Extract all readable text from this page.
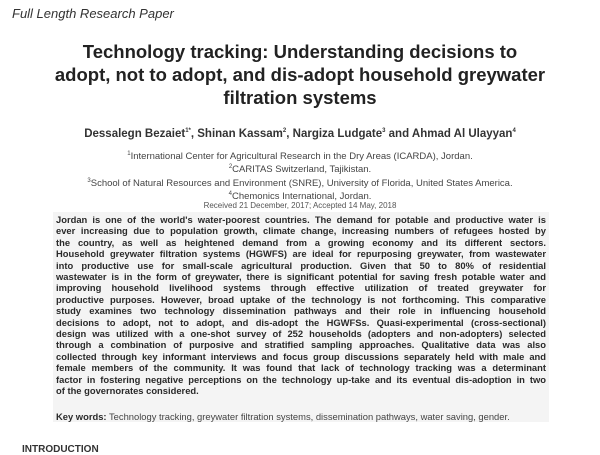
Full Length Research Paper
Technology tracking: Understanding decisions to
adopt, not to adopt, and dis-adopt household greywater
filtration systems
Dessalegn Bezaiet$^{1*}$, Shinan Kassam$^2$, Nargiza Ludgate$^3$ and Ahmad Al Ulayyan$^4$
$^1$International Center for Agricultural Research in the Dry Areas (ICARDA), Jordan.
$^2$CARITAS Switzerland, Tajikistan.
$^3$School of Natural Resources and Environment (SNRE), University of Florida, United States America.
$^4$Chemonics International, Jordan.
Received 21 December, 2017; Accepted 14 May, 2018
Jordan is one of the world's water-poorest countries. The demand for potable and productive water is
ever increasing due to population growth, climate change, increasing numbers of refugees hosted by
the country, as well as heightened demand from a growing economy and its different sectors.
Household greywater filtration systems (HGWFS) are ideal for repurposing greywater, from wastewater
into productive use for small-scale agricultural production. Given that 50 to 80% of residential
wastewater is in the form of greywater, there is significant potential for saving fresh potable water and
improving household livelihood systems through effective utilization of treated greywater for
productive purposes. However, broad uptake of the technology is not forthcoming. This comparative
study examines two technology dissemination pathways and their role in influencing household
decisions to adopt, not to adopt, and dis-adopt the HGWFSs. Quasi-experimental (cross-sectional)
design was utilized with a one-shot survey of 252 households (adopters and non-adopters) selected
through a combination of purposive and stratified sampling approaches. Qualitative data was also
collected through key informant interviews and focus group discussions separately held with male and
female members of the community. It was found that lack of technology tracking was a determinant
factor in fostering negative perceptions on the technology up-take and its eventual dis-adoption in two
of the governorates considered.
Key words: Technology tracking, greywater filtration systems, dissemination pathways, water saving, gender.
INTRODUCTION
